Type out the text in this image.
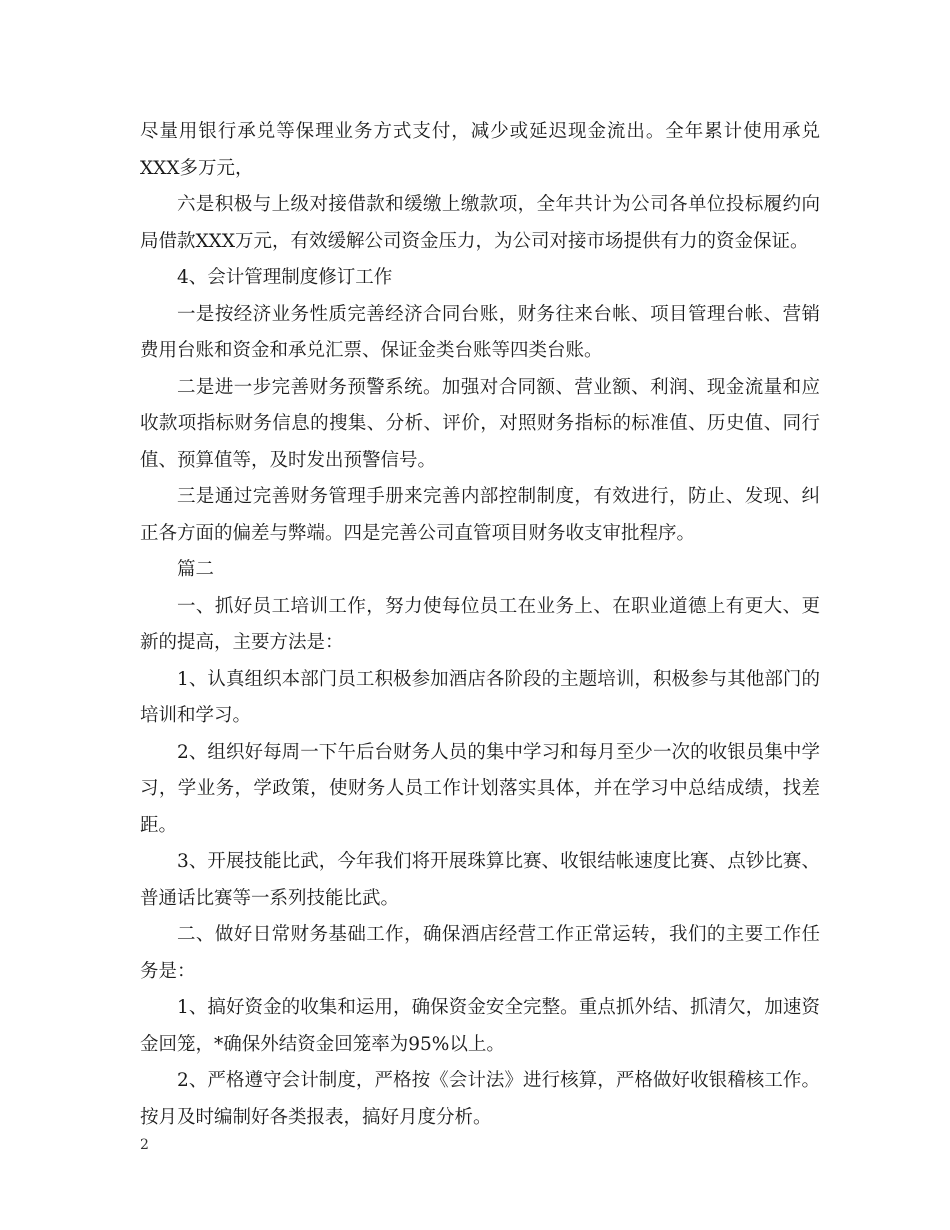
尽量用银行承兑等保理业务方式支付，减少或延迟现金流出。全年累计使用承兑XXX多万元，

六是积极与上级对接借款和缓缴上缴款项，全年共计为公司各单位投标履约向局借款XXX万元，有效缓解公司资金压力，为公司对接市场提供有力的资金保证。

4、会计管理制度修订工作

一是按经济业务性质完善经济合同台账，财务往来台帐、项目管理台帐、营销费用台账和资金和承兑汇票、保证金类台账等四类台账。

二是进一步完善财务预警系统。加强对合同额、营业额、利润、现金流量和应收款项指标财务信息的搜集、分析、评价，对照财务指标的标准值、历史值、同行值、预算值等，及时发出预警信号。

三是通过完善财务管理手册来完善内部控制制度，有效进行，防止、发现、纠正各方面的偏差与弊端。四是完善公司直管项目财务收支审批程序。

篇二

一、抓好员工培训工作，努力使每位员工在业务上、在职业道德上有更大、更新的提高，主要方法是：

1、认真组织本部门员工积极参加酒店各阶段的主题培训，积极参与其他部门的培训和学习。

2、组织好每周一下午后台财务人员的集中学习和每月至少一次的收银员集中学习，学业务，学政策，使财务人员工作计划落实具体，并在学习中总结成绩，找差距。

3、开展技能比武，今年我们将开展珠算比赛、收银结帐速度比赛、点钞比赛、普通话比赛等一系列技能比武。

二、做好日常财务基础工作，确保酒店经营工作正常运转，我们的主要工作任务是：

1、搞好资金的收集和运用，确保资金安全完整。重点抓外结、抓清欠，加速资金回笼，*确保外结资金回笼率为95%以上。

2、严格遵守会计制度，严格按《会计法》进行核算，严格做好收银稽核工作。按月及时编制好各类报表，搞好月度分析。

2
